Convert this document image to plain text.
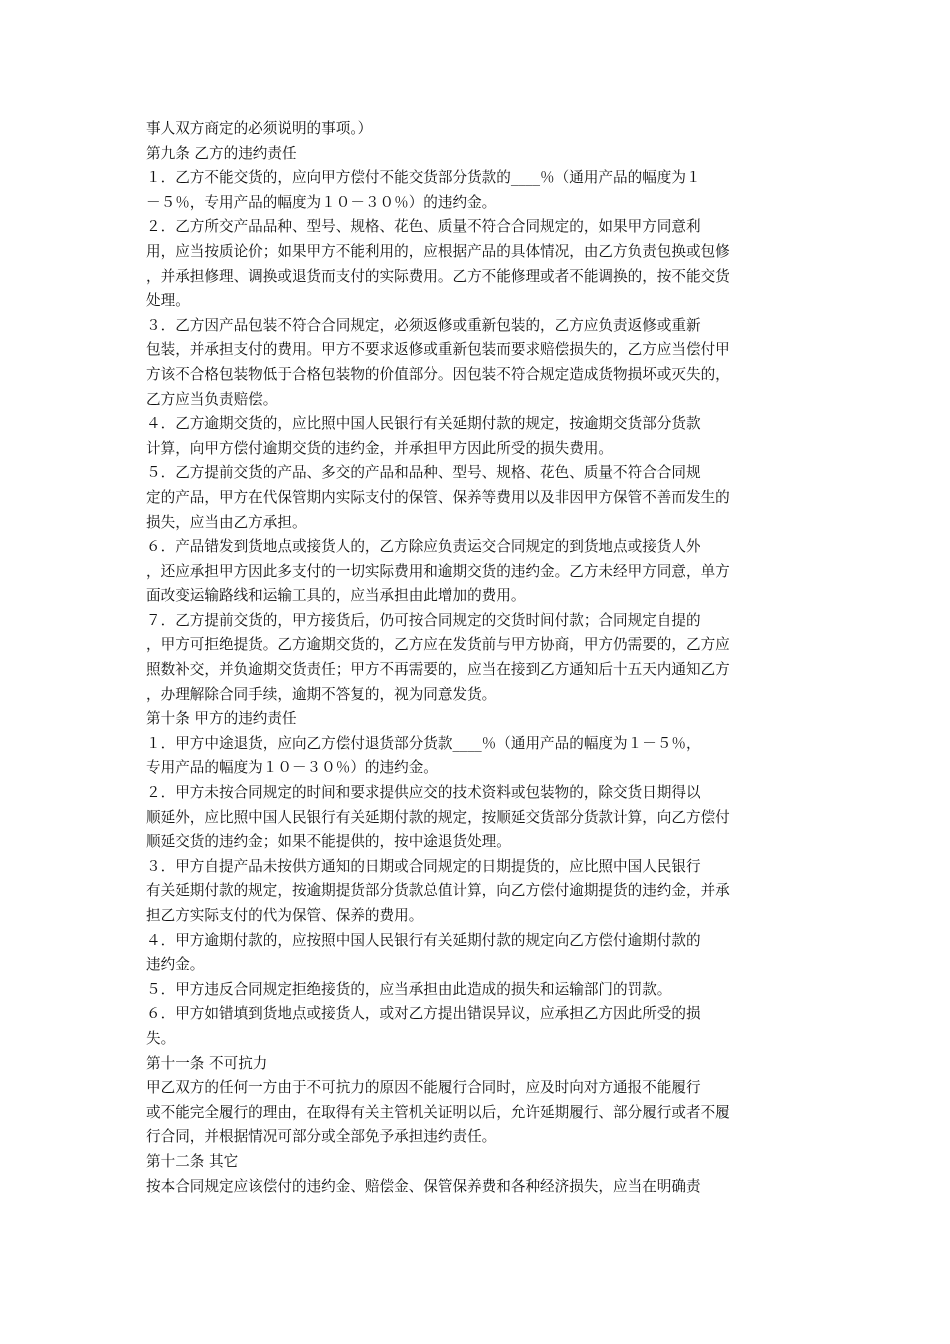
事人双方商定的必须说明的事项。）
第九条 乙方的违约责任
１．乙方不能交货的，应向甲方偿付不能交货部分货款的____％（通用产品的幅度为１
－５％，专用产品的幅度为１０－３０％）的违约金。
２．乙方所交产品品种、型号、规格、花色、质量不符合合同规定的，如果甲方同意利
用，应当按质论价；如果甲方不能利用的，应根据产品的具体情况，由乙方负责包换或包修
，并承担修理、调换或退货而支付的实际费用。乙方不能修理或者不能调换的，按不能交货
处理。
３．乙方因产品包装不符合合同规定，必须返修或重新包装的，乙方应负责返修或重新
包装，并承担支付的费用。甲方不要求返修或重新包装而要求赔偿损失的，乙方应当偿付甲
方该不合格包装物低于合格包装物的价值部分。因包装不符合规定造成货物损坏或灭失的，
乙方应当负责赔偿。
４．乙方逾期交货的，应比照中国人民银行有关延期付款的规定，按逾期交货部分货款
计算，向甲方偿付逾期交货的违约金，并承担甲方因此所受的损失费用。
５．乙方提前交货的产品、多交的产品和品种、型号、规格、花色、质量不符合合同规
定的产品，甲方在代保管期内实际支付的保管、保养等费用以及非因甲方保管不善而发生的
损失，应当由乙方承担。
６．产品错发到货地点或接货人的，乙方除应负责运交合同规定的到货地点或接货人外
，还应承担甲方因此多支付的一切实际费用和逾期交货的违约金。乙方未经甲方同意，单方
面改变运输路线和运输工具的，应当承担由此增加的费用。
７．乙方提前交货的，甲方接货后，仍可按合同规定的交货时间付款；合同规定自提的
，甲方可拒绝提货。乙方逾期交货的，乙方应在发货前与甲方协商，甲方仍需要的，乙方应
照数补交，并负逾期交货责任；甲方不再需要的，应当在接到乙方通知后十五天内通知乙方
，办理解除合同手续，逾期不答复的，视为同意发货。
第十条 甲方的违约责任
１．甲方中途退货，应向乙方偿付退货部分货款____％（通用产品的幅度为１－５％，
专用产品的幅度为１０－３０％）的违约金。
２．甲方未按合同规定的时间和要求提供应交的技术资料或包装物的，除交货日期得以
顺延外，应比照中国人民银行有关延期付款的规定，按顺延交货部分货款计算，向乙方偿付
顺延交货的违约金；如果不能提供的，按中途退货处理。
３．甲方自提产品未按供方通知的日期或合同规定的日期提货的，应比照中国人民银行
有关延期付款的规定，按逾期提货部分货款总值计算，向乙方偿付逾期提货的违约金，并承
担乙方实际支付的代为保管、保养的费用。
４．甲方逾期付款的，应按照中国人民银行有关延期付款的规定向乙方偿付逾期付款的
违约金。
５．甲方违反合同规定拒绝接货的，应当承担由此造成的损失和运输部门的罚款。
６．甲方如错填到货地点或接货人，或对乙方提出错误异议，应承担乙方因此所受的损
失。
第十一条 不可抗力
甲乙双方的任何一方由于不可抗力的原因不能履行合同时，应及时向对方通报不能履行
或不能完全履行的理由，在取得有关主管机关证明以后，允许延期履行、部分履行或者不履
行合同，并根据情况可部分或全部免予承担违约责任。
第十二条 其它
按本合同规定应该偿付的违约金、赔偿金、保管保养费和各种经济损失，应当在明确责
